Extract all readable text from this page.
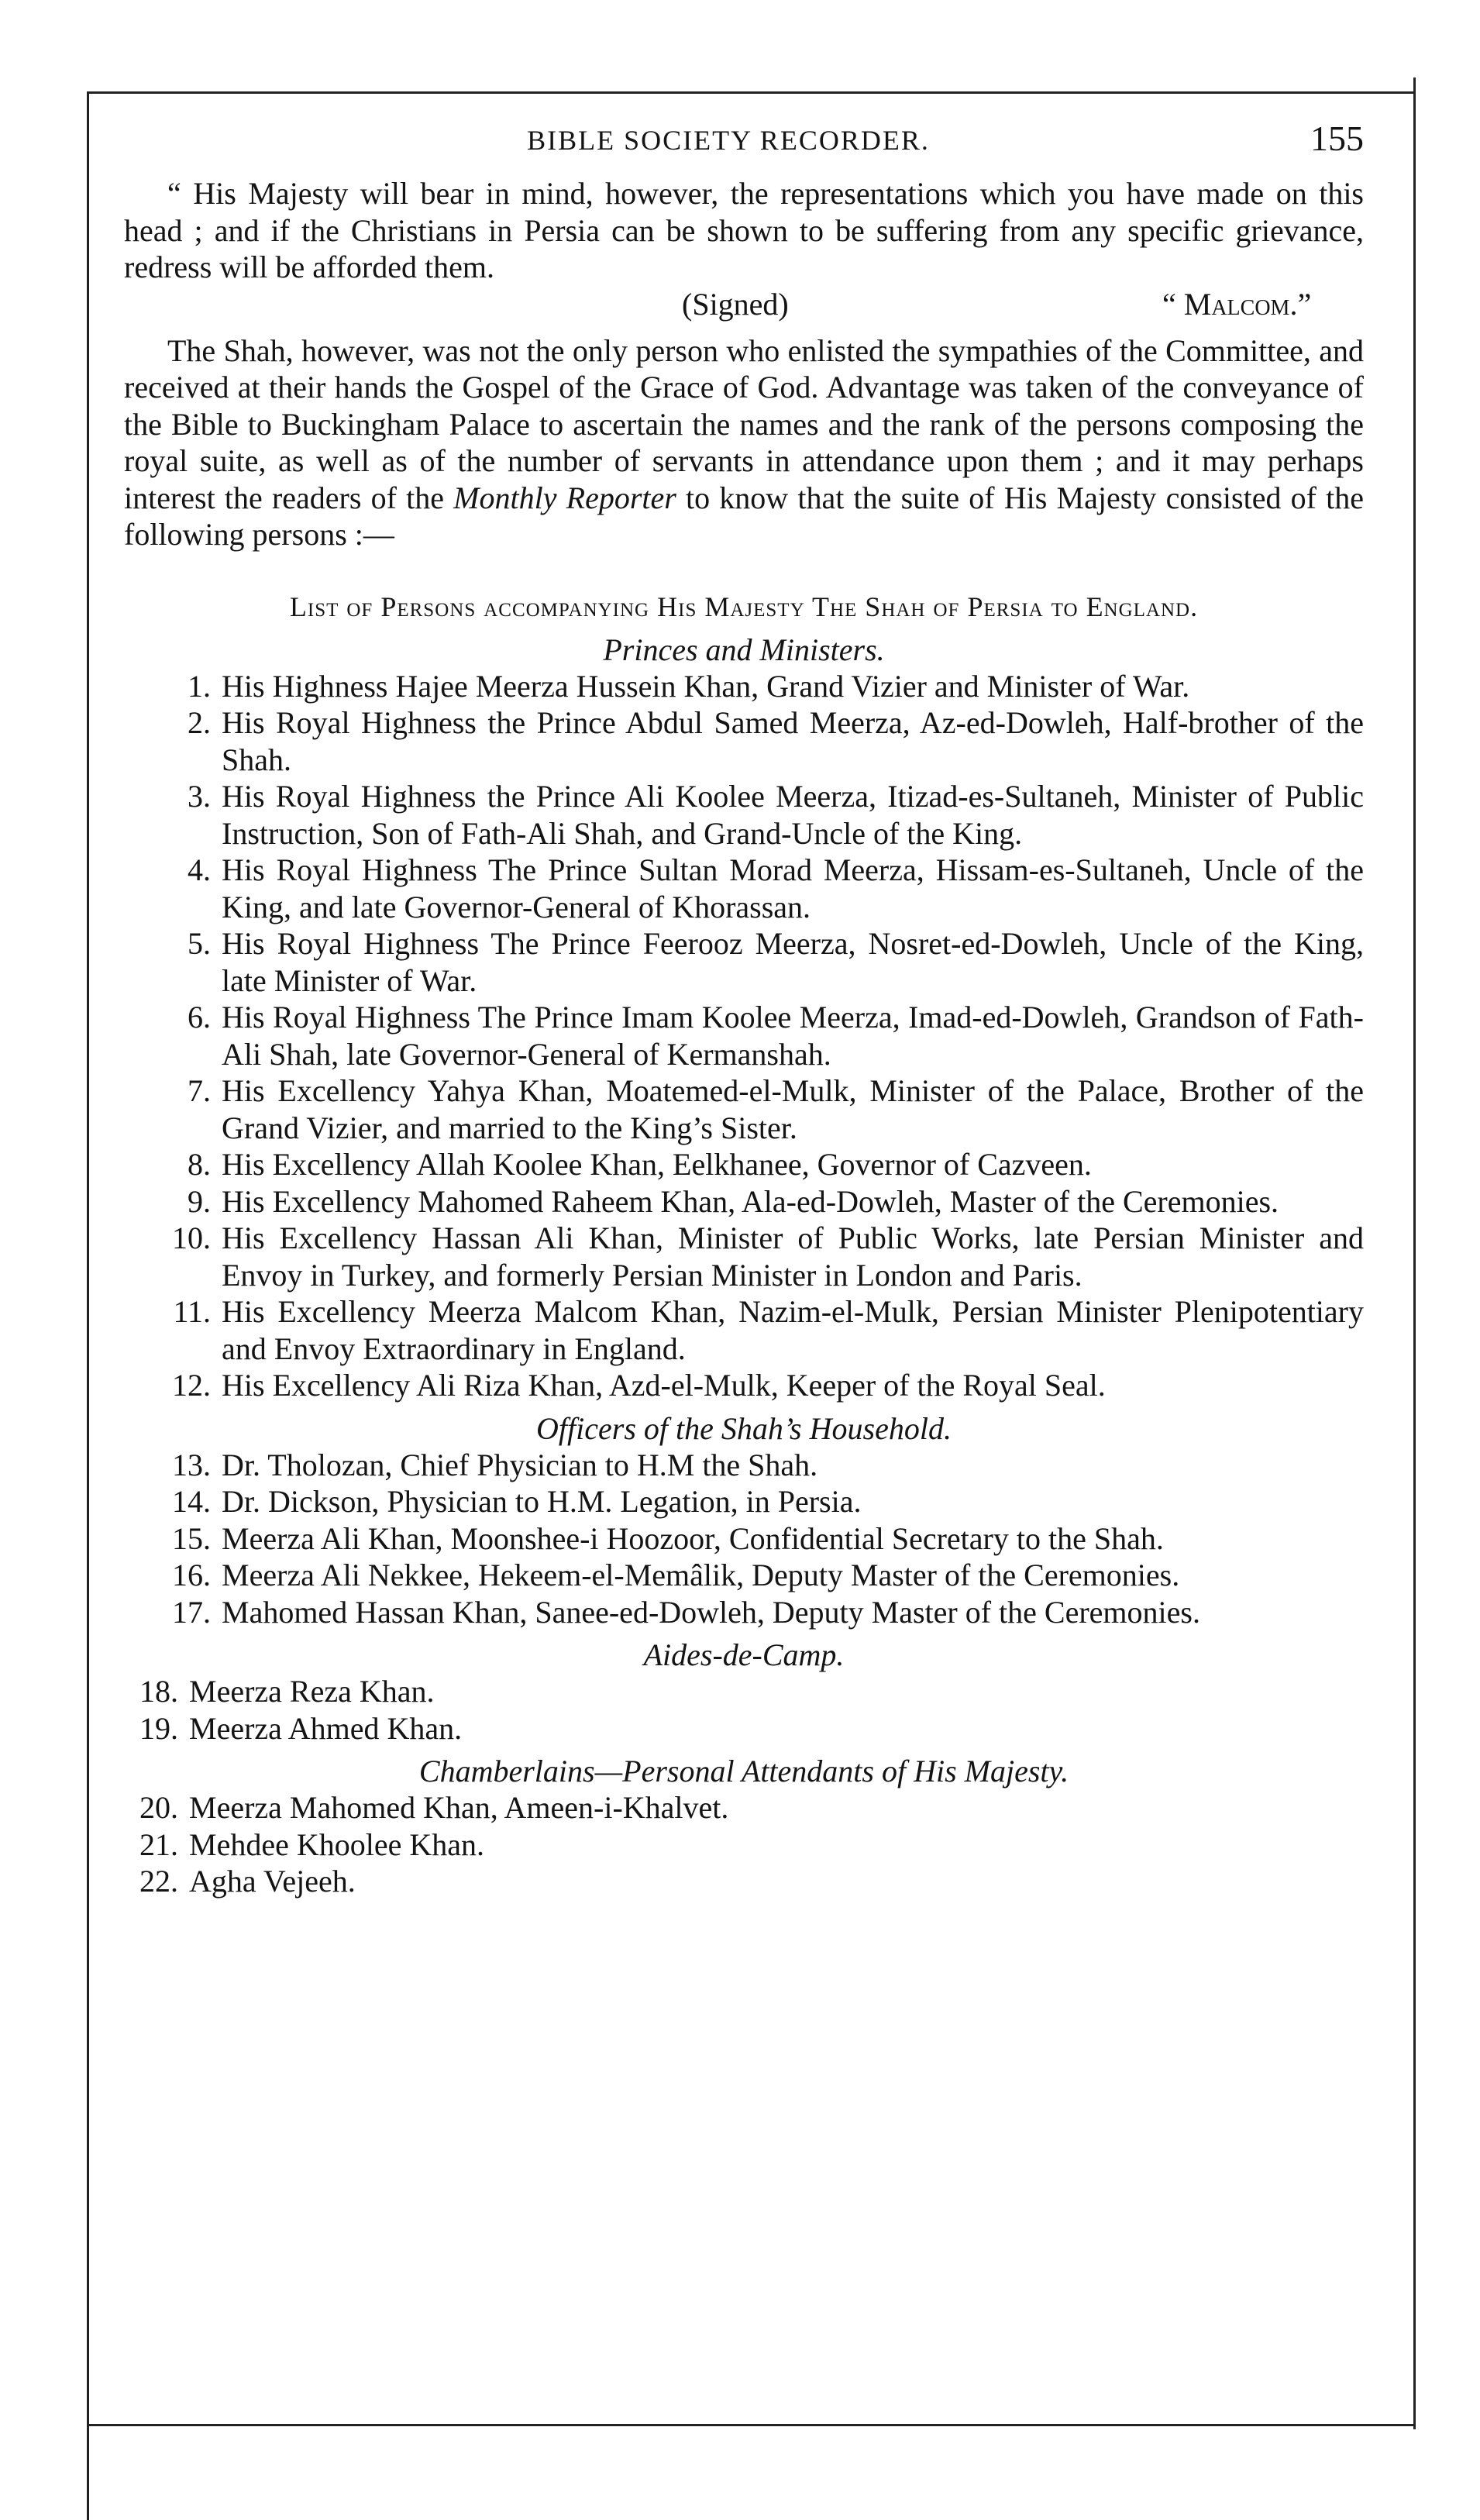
BIBLE SOCIETY RECORDER.	155

“ His Majesty will bear in mind, however, the representations which you have made on this head ; and if the Christians in Persia can be shown to be suffering from any specific grievance, redress will be afforded them.

(Signed)	“ Malcom.”

The Shah, however, was not the only person who enlisted the sympathies of the Committee, and received at their hands the Gospel of the Grace of God. Advantage was taken of the conveyance of the Bible to Buckingham Palace to ascertain the names and the rank of the persons composing the royal suite, as well as of the number of servants in attendance upon them ; and it may perhaps interest the readers of the Monthly Reporter to know that the suite of His Majesty consisted of the following persons :—

List of Persons accompanying His Majesty The Shah of Persia to England.
Princes and Ministers.
1. His Highness Hajee Meerza Hussein Khan, Grand Vizier and Minister of War.
2. His Royal Highness the Prince Abdul Samed Meerza, Az-ed-Dowleh, Half-brother of the Shah.
3. His Royal Highness the Prince Ali Koolee Meerza, Itizad-es-Sultaneh, Minister of Public Instruction, Son of Fath-Ali Shah, and Grand-Uncle of the King.
4. His Royal Highness The Prince Sultan Morad Meerza, Hissam-es-Sultaneh, Uncle of the King, and late Governor-General of Khorassan.
5. His Royal Highness The Prince Feerooz Meerza, Nosret-ed-Dowleh, Uncle of the King, late Minister of War.
6. His Royal Highness The Prince Imam Koolee Meerza, Imad-ed-Dowleh, Grandson of Fath-Ali Shah, late Governor-General of Kermanshah.
7. His Excellency Yahya Khan, Moatemed-el-Mulk, Minister of the Palace, Brother of the Grand Vizier, and married to the King’s Sister.
8. His Excellency Allah Koolee Khan, Eelkhanee, Governor of Cazveen.
9. His Excellency Mahomed Raheem Khan, Ala-ed-Dowleh, Master of the Ceremonies.
10. His Excellency Hassan Ali Khan, Minister of Public Works, late Persian Minister and Envoy in Turkey, and formerly Persian Minister in London and Paris.
11. His Excellency Meerza Malcom Khan, Nazim-el-Mulk, Persian Minister Plenipotentiary and Envoy Extraordinary in England.
12. His Excellency Ali Riza Khan, Azd-el-Mulk, Keeper of the Royal Seal.
Officers of the Shah’s Household.
13. Dr. Tholozan, Chief Physician to H.M the Shah.
14. Dr. Dickson, Physician to H.M. Legation, in Persia.
15. Meerza Ali Khan, Moonshee-i Hoozoor, Confidential Secretary to the Shah.
16. Meerza Ali Nekkee, Hekeem-el-Memâlik, Deputy Master of the Ceremonies.
17. Mahomed Hassan Khan, Sanee-ed-Dowleh, Deputy Master of the Ceremonies.
Aides-de-Camp.
18. Meerza Reza Khan.
19. Meerza Ahmed Khan.
Chamberlains—Personal Attendants of His Majesty.
20. Meerza Mahomed Khan, Ameen-i-Khalvet.
21. Mehdee Khoolee Khan.
22. Agha Vejeeh.
